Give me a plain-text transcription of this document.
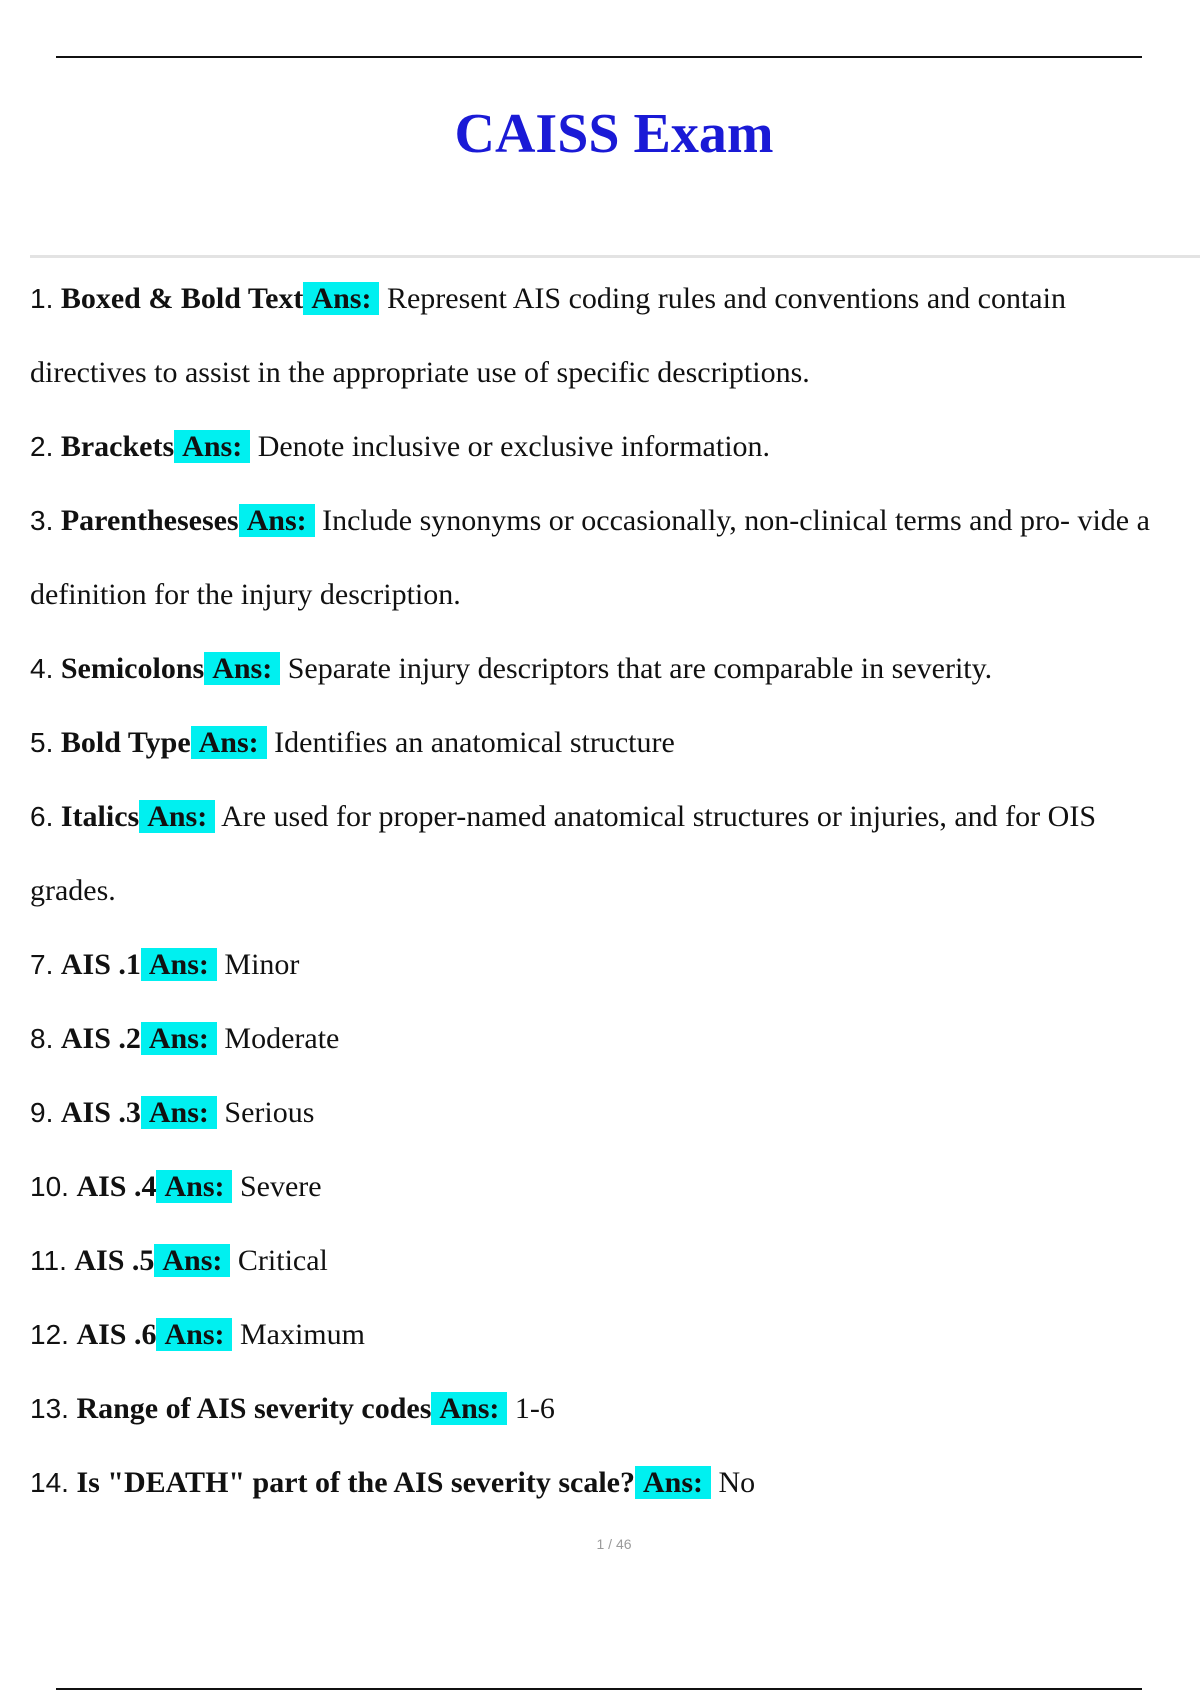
CAISS Exam
1. Boxed & Bold Text Ans: Represent AIS coding rules and conventions and contain directives to assist in the appropriate use of specific descriptions.
2. Brackets Ans: Denote inclusive or exclusive information.
3. Parentheseses Ans: Include synonyms or occasionally, non-clinical terms and pro- vide a definition for the injury description.
4. Semicolons Ans: Separate injury descriptors that are comparable in severity.
5. Bold Type Ans: Identifies an anatomical structure
6. Italics Ans: Are used for proper-named anatomical structures or injuries, and for OIS grades.
7. AIS .1 Ans: Minor
8. AIS .2 Ans: Moderate
9. AIS .3 Ans: Serious
10. AIS .4 Ans: Severe
11. AIS .5 Ans: Critical
12. AIS .6 Ans: Maximum
13. Range of AIS severity codes Ans: 1-6
14. Is "DEATH" part of the AIS severity scale? Ans: No
1 / 46
